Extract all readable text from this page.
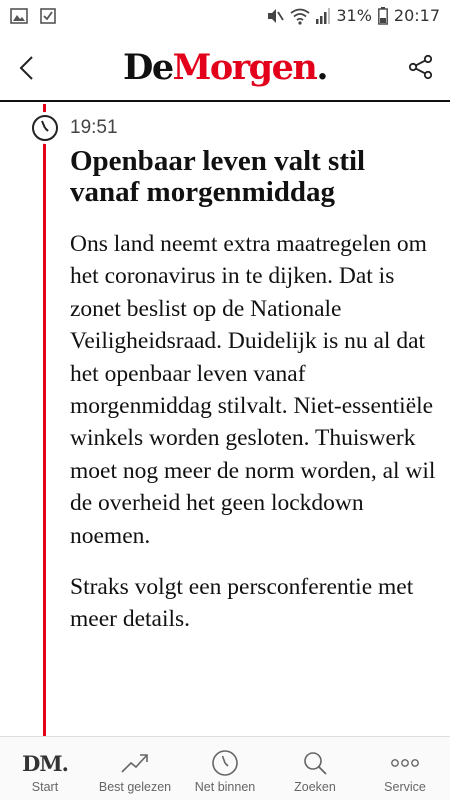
31% 20:17
DeMorgen.
19:51
Openbaar leven valt stil vanaf morgenmiddag

Ons land neemt extra maatregelen om het coronavirus in te dijken. Dat is zonet beslist op de Nationale Veiligheidsraad. Duidelijk is nu al dat het openbaar leven vanaf morgenmiddag stilvalt. Niet-essentiële winkels worden gesloten. Thuiswerk moet nog meer de norm worden, al wil de overheid het geen lockdown noemen.

Straks volgt een persconferentie met meer details.

DM.
Start	Best gelezen Net binnen	Zoeken	Service
